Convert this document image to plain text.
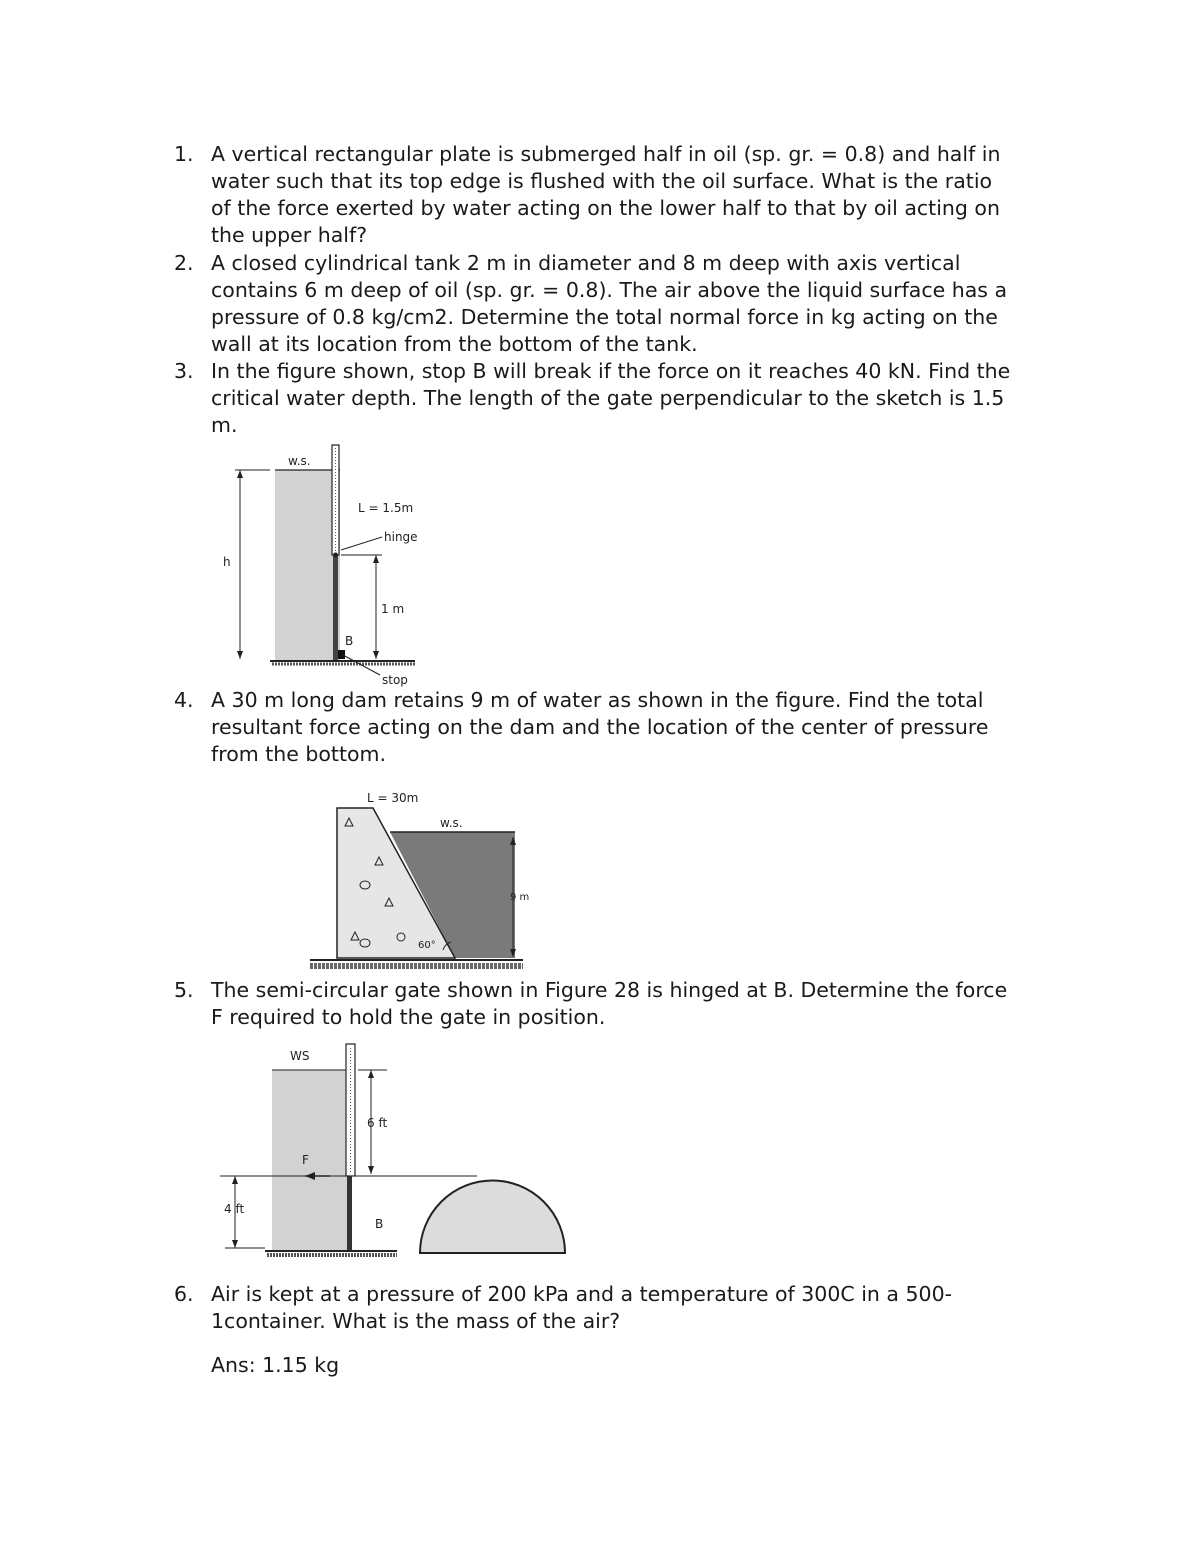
1. A vertical rectangular plate is submerged half in oil (sp. gr. = 0.8) and half in
water such that its top edge is flushed with the oil surface. What is the ratio
of the force exerted by water acting on the lower half to that by oil acting on
the upper half?
2. A closed cylindrical tank 2 m in diameter and 8 m deep with axis vertical
contains 6 m deep of oil (sp. gr. = 0.8). The air above the liquid surface has a
pressure of 0.8 kg/cm2. Determine the total normal force in kg acting on the
wall at its location from the bottom of the tank.
3. In the figure shown, stop B will break if the force on it reaches 40 kN. Find the
critical water depth. The length of the gate perpendicular to the sketch is 1.5
m.
w.s.
L = 1.5m
hinge
h
1 m
B
stop
4. A 30 m long dam retains 9 m of water as shown in the figure. Find the total
resultant force acting on the dam and the location of the center of pressure
from the bottom.
L = 30m
w.s.
9 m
60°
5. The semi-circular gate shown in Figure 28 is hinged at B. Determine the force
F required to hold the gate in position.
WS
6 ft
F
4 ft
B
6. Air is kept at a pressure of 200 kPa and a temperature of 300C in a 500-
1container. What is the mass of the air?
Ans: 1.15 kg
